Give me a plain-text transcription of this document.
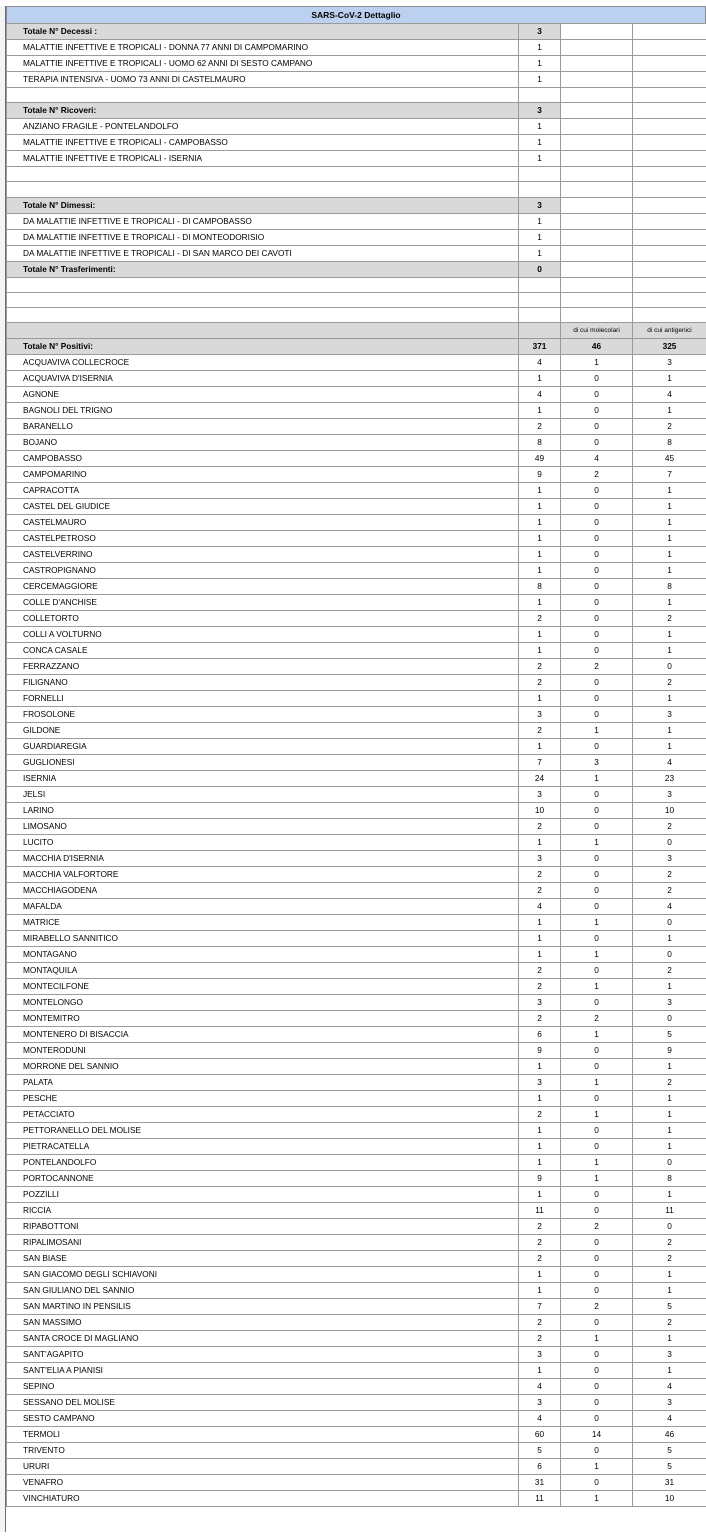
SARS-CoV-2 Dettaglio
Totale N° Decessi :	3		
MALATTIE INFETTIVE E TROPICALI - DONNA 77 ANNI DI CAMPOMARINO	1		
MALATTIE INFETTIVE E TROPICALI - UOMO 62 ANNI DI SESTO CAMPANO	1		
TERAPIA INTENSIVA - UOMO 73 ANNI DI CASTELMAURO	1		

Totale N° Ricoveri:	3		
ANZIANO FRAGILE - PONTELANDOLFO	1		
MALATTIE INFETTIVE E TROPICALI - CAMPOBASSO	1		
MALATTIE INFETTIVE E TROPICALI - ISERNIA	1		

Totale N° Dimessi:	3		
DA MALATTIE INFETTIVE E TROPICALI - DI CAMPOBASSO	1		
DA MALATTIE INFETTIVE E TROPICALI - DI MONTEODORISIO	1		
DA MALATTIE INFETTIVE E TROPICALI - DI SAN MARCO DEI CAVOTI	1		
Totale N° Trasferimenti:	0		

		di cui molecolari	di cui antigenici
Totale N° Positivi:	371	46	325
ACQUAVIVA COLLECROCE	4	1	3
ACQUAVIVA D'ISERNIA	1	0	1
AGNONE	4	0	4
BAGNOLI DEL TRIGNO	1	0	1
BARANELLO	2	0	2
BOJANO	8	0	8
CAMPOBASSO	49	4	45
CAMPOMARINO	9	2	7
CAPRACOTTA	1	0	1
CASTEL DEL GIUDICE	1	0	1
CASTELMAURO	1	0	1
CASTELPETROSO	1	0	1
CASTELVERRINO	1	0	1
CASTROPIGNANO	1	0	1
CERCEMAGGIORE	8	0	8
COLLE D'ANCHISE	1	0	1
COLLETORTO	2	0	2
COLLI A VOLTURNO	1	0	1
CONCA CASALE	1	0	1
FERRAZZANO	2	2	0
FILIGNANO	2	0	2
FORNELLI	1	0	1
FROSOLONE	3	0	3
GILDONE	2	1	1
GUARDIAREGIA	1	0	1
GUGLIONESI	7	3	4
ISERNIA	24	1	23
JELSI	3	0	3
LARINO	10	0	10
LIMOSANO	2	0	2
LUCITO	1	1	0
MACCHIA D'ISERNIA	3	0	3
MACCHIA VALFORTORE	2	0	2
MACCHIAGODENA	2	0	2
MAFALDA	4	0	4
MATRICE	1	1	0
MIRABELLO SANNITICO	1	0	1
MONTAGANO	1	1	0
MONTAQUILA	2	0	2
MONTECILFONE	2	1	1
MONTELONGO	3	0	3
MONTEMITRO	2	2	0
MONTENERO DI BISACCIA	6	1	5
MONTERODUNI	9	0	9
MORRONE DEL SANNIO	1	0	1
PALATA	3	1	2
PESCHE	1	0	1
PETACCIATO	2	1	1
PETTORANELLO DEL MOLISE	1	0	1
PIETRACATELLA	1	0	1
PONTELANDOLFO	1	1	0
PORTOCANNONE	9	1	8
POZZILLI	1	0	1
RICCIA	11	0	11
RIPABOTTONI	2	2	0
RIPALIMOSANI	2	0	2
SAN BIASE	2	0	2
SAN GIACOMO DEGLI SCHIAVONI	1	0	1
SAN GIULIANO DEL SANNIO	1	0	1
SAN MARTINO IN PENSILIS	7	2	5
SAN MASSIMO	2	0	2
SANTA CROCE DI MAGLIANO	2	1	1
SANT'AGAPITO	3	0	3
SANT'ELIA A PIANISI	1	0	1
SEPINO	4	0	4
SESSANO DEL MOLISE	3	0	3
SESTO CAMPANO	4	0	4
TERMOLI	60	14	46
TRIVENTO	5	0	5
URURI	6	1	5
VENAFRO	31	0	31
VINCHIATURO	11	1	10
